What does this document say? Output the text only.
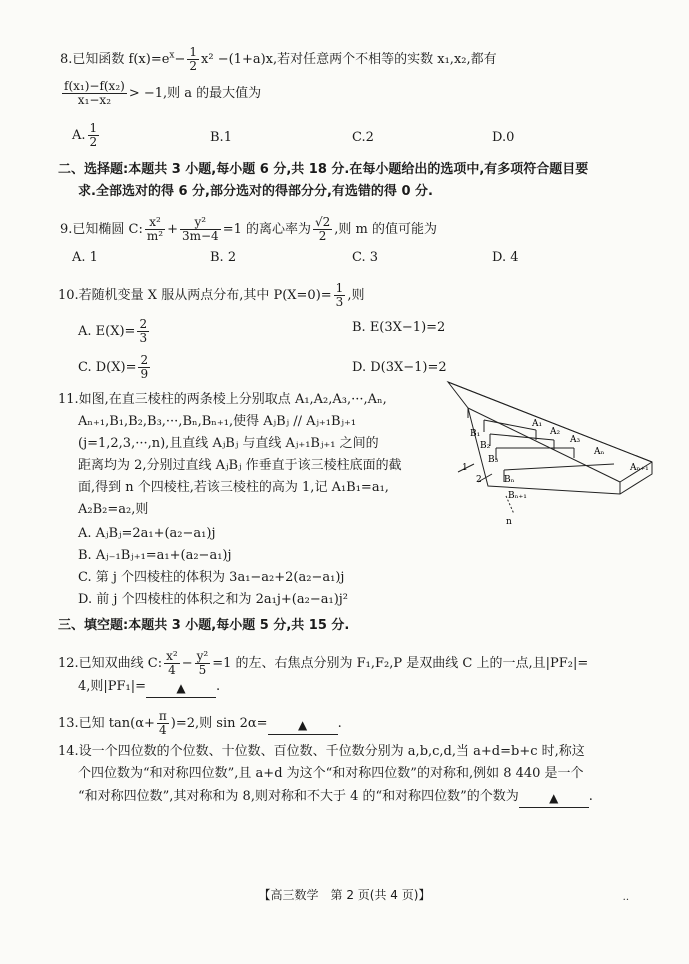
8.已知函数 $f(x)=e^x- \frac{1}{2} x^2 -(1+a)x$,若对任意两个不相等的实数 x₁,x₂,都有
$\frac{\text{f(x₁)−f(x₂)}}{\text{x₁−x₂}} > -1$,则 a 的最大值为
A. $\frac{1}{2}$	B.1	C.2	D.0
二、选择题:本题共 3 小题,每小题 6 分,共 18 分.在每小题给出的选项中,有多项符合题目要
求.全部选对的得 6 分,部分选对的得部分分,有选错的得 0 分.
9.已知椭圆 C: $\frac{\text{x²}}{\text{m²}} + \frac{\text{y²}}{3m-4} =1$ 的离心率为 $\frac{√2}{2}$ ,则 m 的值可能为
A. 1	B. 2	C. 3	D. 4
10.若随机变量 X 服从两点分布,其中 $P(X=0)= \frac{1}{3}$ ,则
A. $E(X)= \frac{2}{3}$	B. E(3X−1)=2
C. $D(X)= \frac{2}{9}$	D. D(3X−1)=2
11.如图,在直三棱柱的两条棱上分别取点 A₁,A₂,A₃,···,Aₙ,
Aₙ₊₁,B₁,B₂,B₃,···,Bₙ,Bₙ₊₁,使得 AⱼBⱼ // Aⱼ₊₁Bⱼ₊₁
(j=1,2,3,···,n),且直线 AⱼBⱼ 与直线 Aⱼ₊₁Bⱼ₊₁ 之间的
距离均为 2,分别过直线 AⱼBⱼ 作垂直于该三棱柱底面的截
面,得到 n 个四棱柱,若该三棱柱的高为 1,记 A₁B₁=a₁,
A₂B₂=a₂,则
A. AⱼBⱼ=2a₁+(a₂−a₁)j
B. Aⱼ₋₁Bⱼ₊₁=a₁+(a₂−a₁)j
C. 第 j 个四棱柱的体积为 3a₁−a₂+2(a₂−a₁)j
D. 前 j 个四棱柱的体积之和为 2a₁j+(a₂−a₁)j²
A₁
A₂
A₃
Aₙ
Aₙ₊₁
B₁
B₂
B₃
Bₙ
Bₙ₊₁
1
2
n
三、填空题:本题共 3 小题,每小题 5 分,共 15 分.
12.已知双曲线 C: $\frac{\text{x²}}{4} - \frac{\text{y²}}{5} =1$ 的左、右焦点分别为 F₁,F₂,P 是双曲线 C 上的一点,且|PF₂|=
4,则|PF₁|=	▲ .
13.已知 $\tan(\alpha+ \frac{\pi}{4} )=2$,则 sin 2α=	▲ .
14.设一个四位数的个位数、十位数、百位数、千位数分别为 a,b,c,d,当 a+d=b+c 时,称这
个四位数为“和对称四位数”,且 a+d 为这个“和对称四位数”的对称和,例如 8 440 是一个
“和对称四位数”,其对称和为 8,则对称和不大于 4 的“和对称四位数”的个数为	▲ .
【高三数学　第 2 页(共 4 页)】	..
